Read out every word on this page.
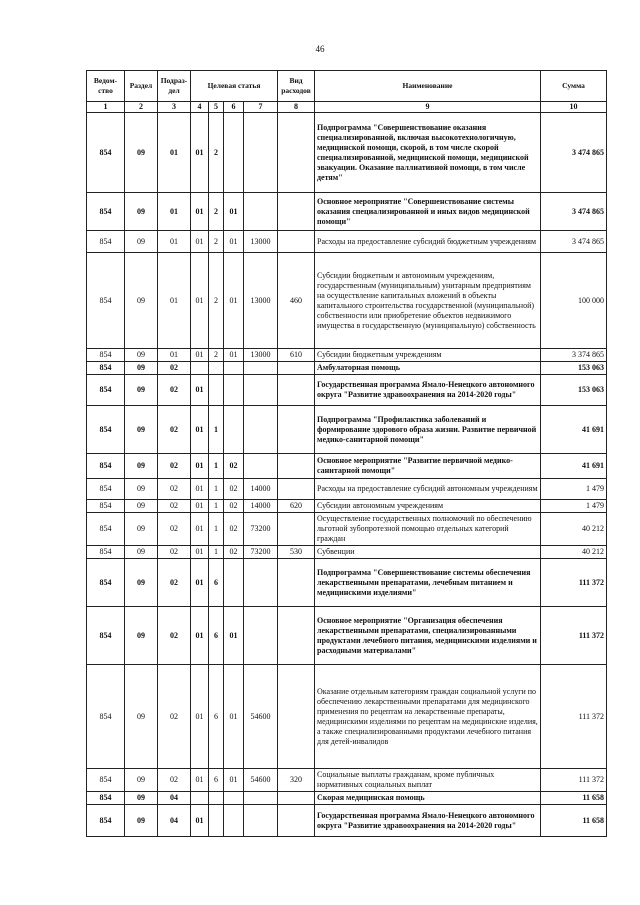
46
Ведом-ство	Раздел	Подраз-дел	Целевая статья				Вид расходов	Наименование	Сумма
1	2	3	4	5	6	7	8	9	10
854	09	01	01	2				Подпрограмма "Совершенствование оказания специализированной, включая высокотехнологичную, медицинской помощи, скорой, в том числе скорой специализированной, медицинской помощи, медицинской эвакуации. Оказание паллиативной помощи, в том числе детям"	3 474 865
854	09	01	01	2	01			Основное мероприятие "Совершенствование системы оказания специализированной и иных видов медицинской помощи"	3 474 865
854	09	01	01	2	01	13000		Расходы на предоставление субсидий бюджетным учреждениям	3 474 865
854	09	01	01	2	01	13000	460	Субсидии бюджетным и автономным учреждениям, государственным (муниципальным) унитарным предприятиям на осуществление капитальных вложений в объекты капитального строительства государственной (муниципальной) собственности или приобретение объектов недвижимого имущества в государственную (муниципальную) собственность	100 000
854	09	01	01	2	01	13000	610	Субсидии бюджетным учреждениям	3 374 865
854	09	02						Амбулаторная помощь	153 063
854	09	02	01					Государственная программа Ямало-Ненецкого автономного округа "Развитие здравоохранения на 2014-2020 годы"	153 063
854	09	02	01	1				Подпрограмма "Профилактика заболеваний и формирование здорового образа жизни. Развитие первичной медико-санитарной помощи"	41 691
854	09	02	01	1	02			Основное мероприятие "Развитие первичной медико-санитарной помощи"	41 691
854	09	02	01	1	02	14000		Расходы на предоставление субсидий автономным учреждениям	1 479
854	09	02	01	1	02	14000	620	Субсидии автономным учреждениям	1 479
854	09	02	01	1	02	73200		Осуществление государственных полномочий по обеспечению льготной зубопротезной помощью отдельных категорий граждан	40 212
854	09	02	01	1	02	73200	530	Субвенции	40 212
854	09	02	01	6				Подпрограмма "Совершенствование системы обеспечения лекарственными препаратами, лечебным питанием и медицинскими изделиями"	111 372
854	09	02	01	6	01			Основное мероприятие "Организация обеспечения лекарственными препаратами, специализированными продуктами лечебного питания, медицинскими изделиями и расходными материалами"	111 372
854	09	02	01	6	01	54600		Оказание отдельным категориям граждан социальной услуги по обеспечению лекарственными препаратами для медицинского применения по рецептам на лекарственные препараты, медицинскими изделиями по рецептам на медицинские изделия, а также специализированными продуктами лечебного питания для детей-инвалидов	111 372
854	09	02	01	6	01	54600	320	Социальные выплаты гражданам, кроме публичных нормативных социальных выплат	111 372
854	09	04						Скорая медицинская помощь	11 658
854	09	04	01					Государственная программа Ямало-Ненецкого автономного округа "Развитие здравоохранения на 2014-2020 годы"	11 658
